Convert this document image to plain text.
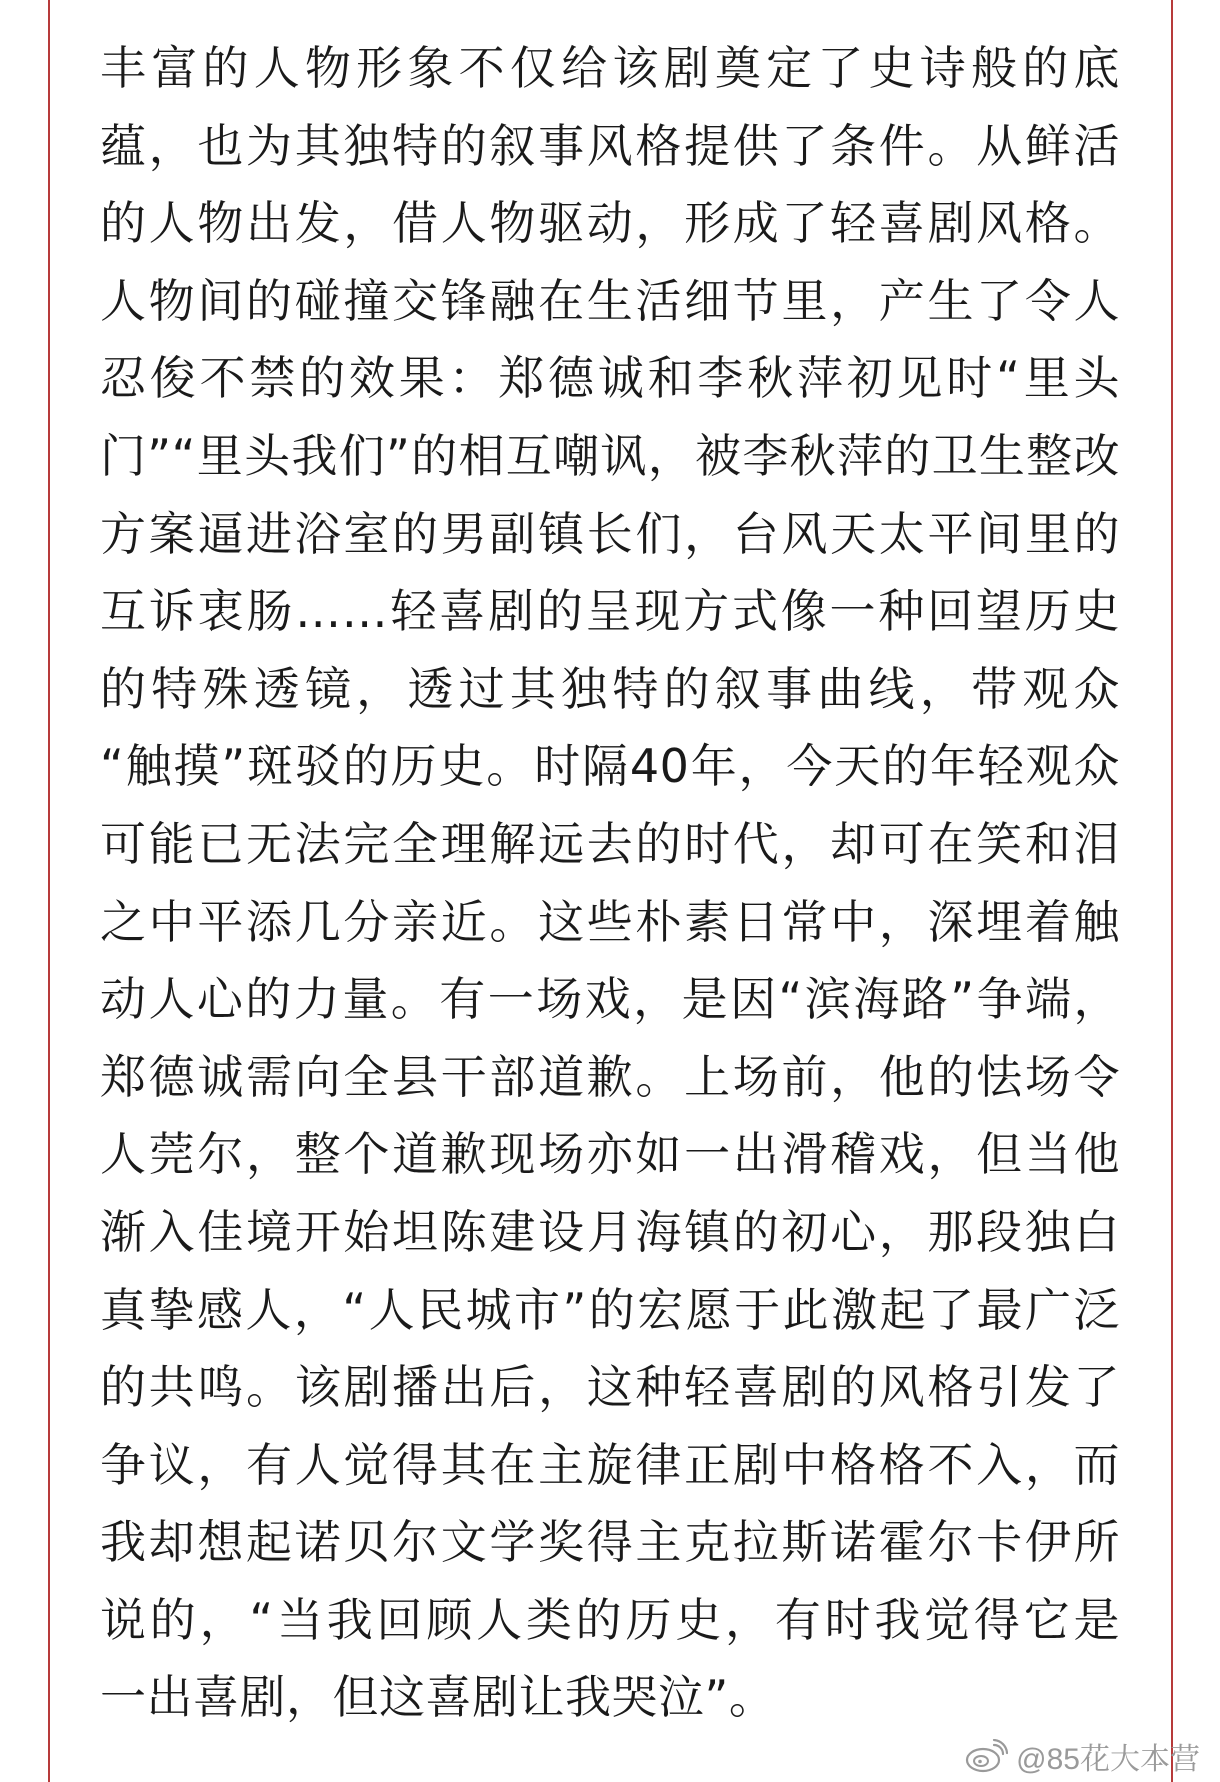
丰富的人物形象不仅给该剧奠定了史诗般的底
蕴，也为其独特的叙事风格提供了条件。从鲜活
的人物出发，借人物驱动，形成了轻喜剧风格。
人物间的碰撞交锋融在生活细节里，产生了令人
忍俊不禁的效果：郑德诚和李秋萍初见时“里头
门”“里头我们”的相互嘲讽，被李秋萍的卫生整改
方案逼进浴室的男副镇长们，台风天太平间里的
互诉衷肠……轻喜剧的呈现方式像一种回望历史
的特殊透镜，透过其独特的叙事曲线，带观众
“触摸”斑驳的历史。时隔40年，今天的年轻观众
可能已无法完全理解远去的时代，却可在笑和泪
之中平添几分亲近。这些朴素日常中，深埋着触
动人心的力量。有一场戏，是因“滨海路”争端，
郑德诚需向全县干部道歉。上场前，他的怯场令
人莞尔，整个道歉现场亦如一出滑稽戏，但当他
渐入佳境开始坦陈建设月海镇的初心，那段独白
真挚感人，“人民城市”的宏愿于此激起了最广泛
的共鸣。该剧播出后，这种轻喜剧的风格引发了
争议，有人觉得其在主旋律正剧中格格不入，而
我却想起诺贝尔文学奖得主克拉斯诺霍尔卡伊所
说的，“当我回顾人类的历史，有时我觉得它是
一出喜剧，但这喜剧让我哭泣”。
@85花大本营
